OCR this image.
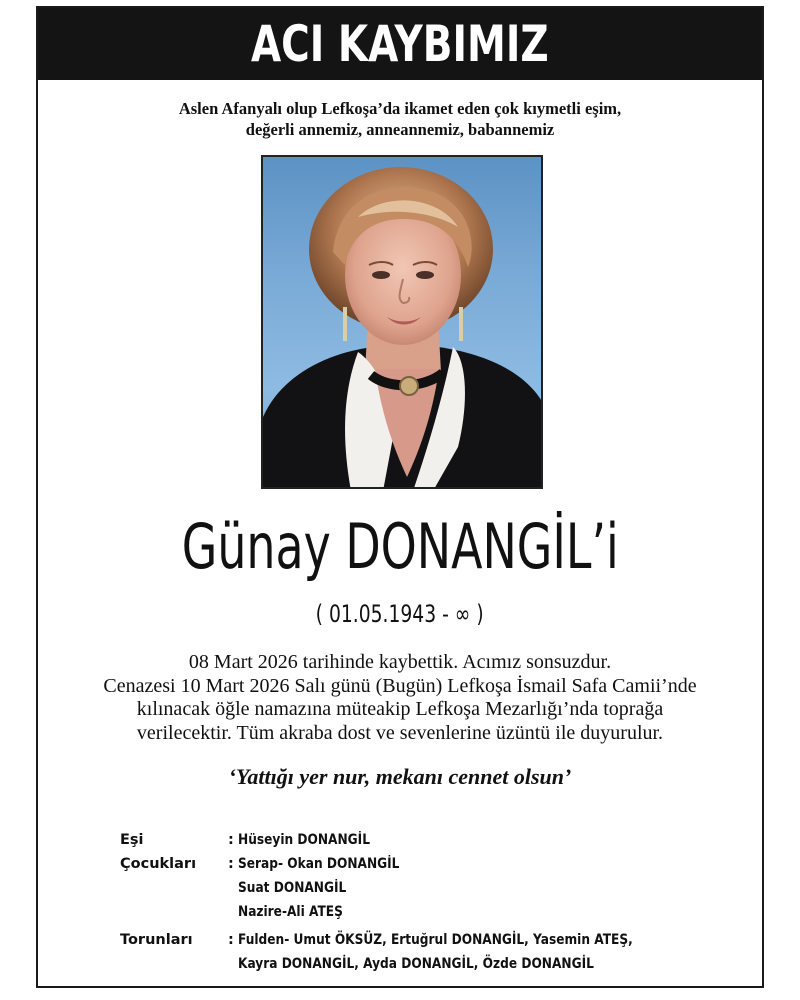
ACI KAYBIMIZ
Aslen Afanyalı olup Lefkoşa’da ikamet eden çok kıymetli eşim,
değerli annemiz, anneannemiz, babannemiz
Günay DONANGİL’i
( 01.05.1943 - ∞ )
08 Mart 2026 tarihinde kaybettik. Acımız sonsuzdur.
Cenazesi 10 Mart 2026 Salı günü (Bugün) Lefkoşa İsmail Safa Camii’nde
kılınacak öğle namazına müteakip Lefkoşa Mezarlığı’nda toprağa
verilecektir. Tüm akraba dost ve sevenlerine üzüntü ile duyurulur.
‘Yattığı yer nur, mekanı cennet olsun’
Eşi	: Hüseyin DONANGİL
Çocukları	: Serap- Okan DONANGİL
Suat DONANGİL
Nazire-Ali ATEŞ
Torunları	: Fulden- Umut ÖKSÜZ, Ertuğrul DONANGİL, Yasemin ATEŞ,
Kayra DONANGİL, Ayda DONANGİL, Özde DONANGİL
